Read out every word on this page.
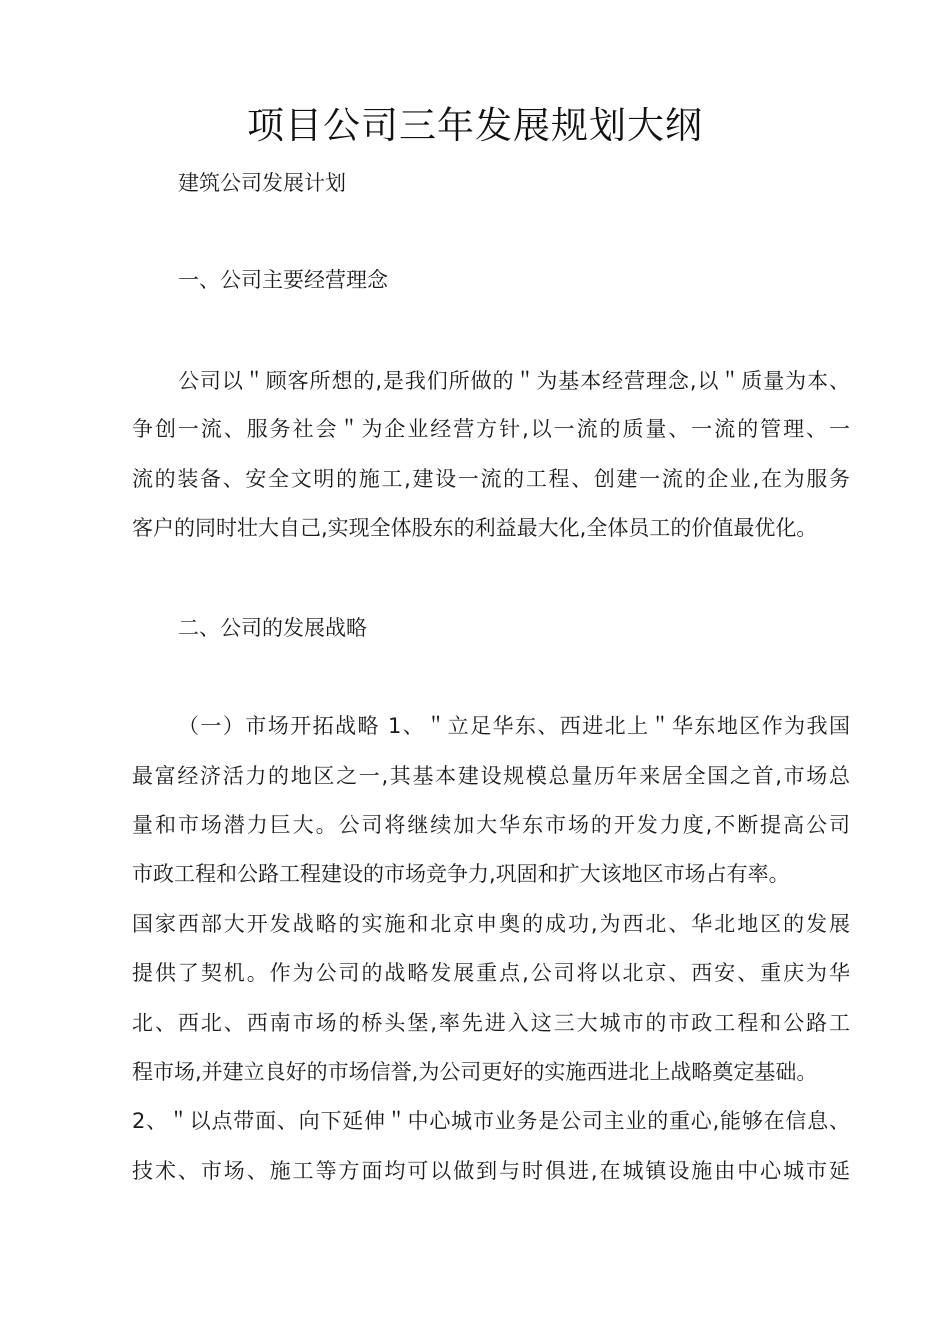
项目公司三年发展规划大纲

建筑公司发展计划

一、公司主要经营理念

公司以＂顾客所想的,是我们所做的＂为基本经营理念,以＂质量为本、

争创一流、服务社会＂为企业经营方针,以一流的质量、一流的管理、一

流的装备、安全文明的施工,建设一流的工程、创建一流的企业,在为服务

客户的同时壮大自己,实现全体股东的利益最大化,全体员工的价值最优化。

二、公司的发展战略

（一）市场开拓战略 1、＂立足华东、西进北上＂华东地区作为我国

最富经济活力的地区之一,其基本建设规模总量历年来居全国之首,市场总

量和市场潜力巨大。公司将继续加大华东市场的开发力度,不断提高公司

市政工程和公路工程建设的市场竞争力,巩固和扩大该地区市场占有率。

国家西部大开发战略的实施和北京申奥的成功,为西北、华北地区的发展

提供了契机。作为公司的战略发展重点,公司将以北京、西安、重庆为华

北、西北、西南市场的桥头堡,率先进入这三大城市的市政工程和公路工

程市场,并建立良好的市场信誉,为公司更好的实施西进北上战略奠定基础。

2、＂以点带面、向下延伸＂中心城市业务是公司主业的重心,能够在信息、

技术、市场、施工等方面均可以做到与时俱进,在城镇设施由中心城市延
